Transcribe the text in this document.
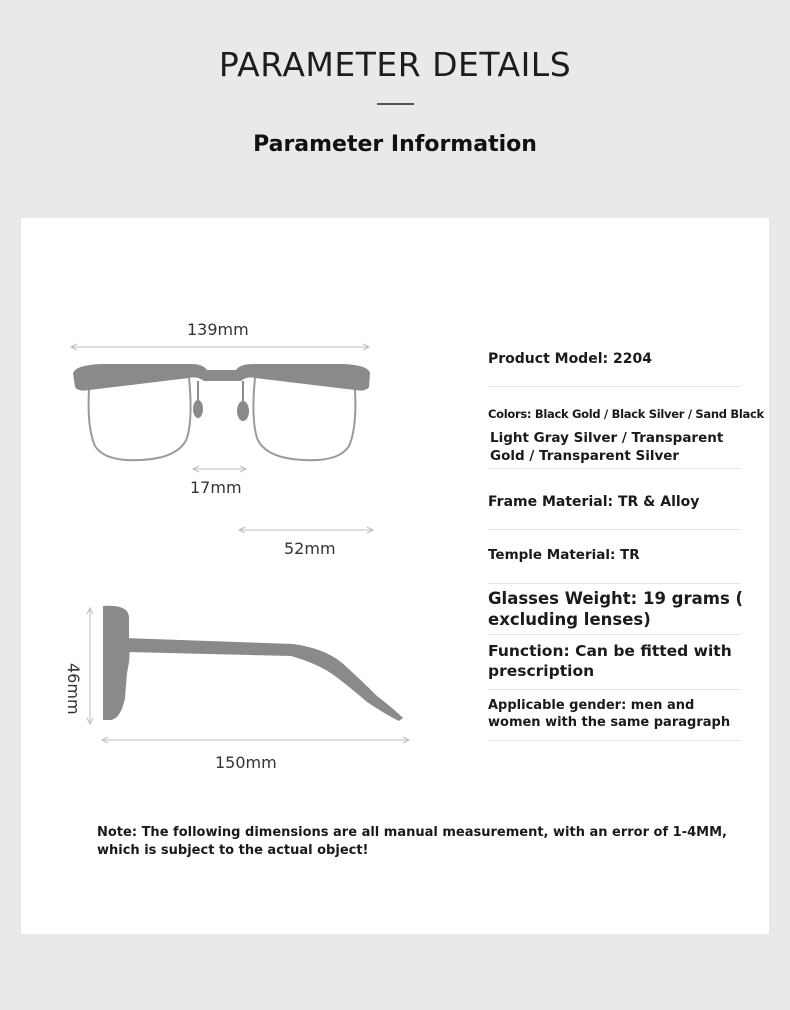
PARAMETER DETAILS
Parameter Information
139mm
17mm
52mm
46mm
150mm
Product Model: 2204
Colors: Black Gold / Black Silver / Sand Black
Light Gray Silver / Transparent
Gold / Transparent Silver
Frame Material: TR & Alloy
Temple Material: TR
Glasses Weight: 19 grams (
excluding lenses)
Function: Can be fitted with
prescription
Applicable gender: men and
women with the same paragraph
Note: The following dimensions are all manual measurement, with an error of 1-4MM,
which is subject to the actual object!
